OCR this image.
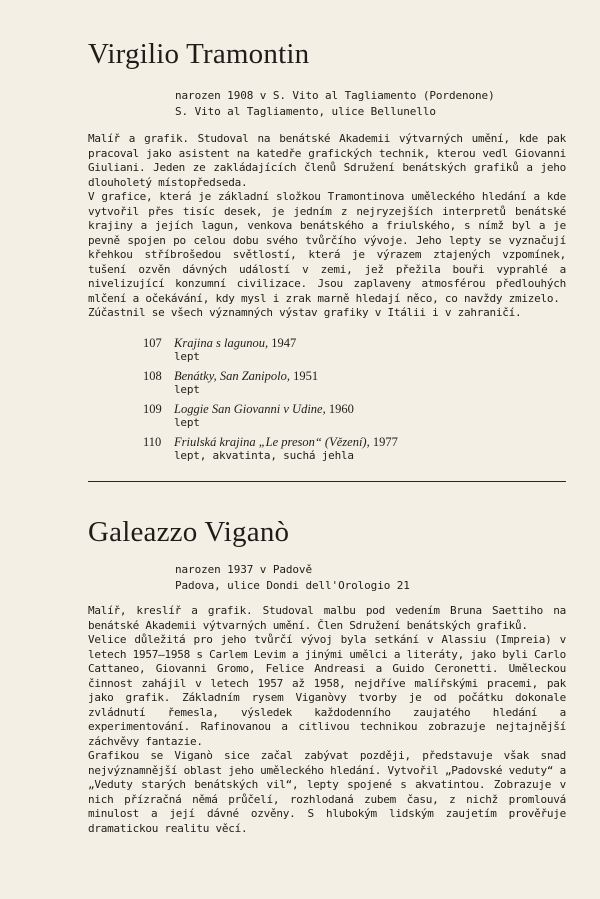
Virgilio Tramontin
narozen 1908 v S. Vito al Tagliamento (Pordenone)
S. Vito al Tagliamento, ulice Bellunello

Malíř a grafik. Studoval na benátské Akademii výtvarných umění, kde pak pracoval jako asistent na katedře grafických technik, kterou vedl Giovanni Giuliani. Jeden ze zakládajících členů Sdružení benátských grafiků a jeho dlouholetý místopředseda.

V grafice, která je základní složkou Tramontinova uměleckého hledání a kde vytvořil přes tisíc desek, je jedním z nejryzejších interpretů benátské krajiny a jejích lagun, venkova benátského a friulského, s nímž byl a je pevně spojen po celou dobu svého tvůrčího vývoje. Jeho lepty se vyznačují křehkou stříbrošedou světlostí, která je výrazem ztajených vzpomínek, tušení ozvěn dávných událostí v zemi, jež přežila bouři vyprahlé a nivelizující konzumní civilizace. Jsou zaplaveny atmosférou předlouhých mlčení a očekávání, kdy mysl i zrak marně hledají něco, co navždy zmizelo.

Zúčastnil se všech významných výstav grafiky v Itálii i v zahraničí.

107 Krajina s lagunou, 1947
lept
108 Benátky, San Zanipolo, 1951
lept
109 Loggie San Giovanni v Udine, 1960
lept
110	Friulská krajina „Le preson“ (Vězení), 1977
lept, akvatinta, suchá jehla
Galeazzo Viganò
narozen 1937 v Padově
Padova, ulice Dondi dell'Orologio 21

Malíř, kreslíř a grafik. Studoval malbu pod vedením Bruna Saettiho na benátské Akademii výtvarných umění. Člen Sdružení benátských grafiků.

Velice důležitá pro jeho tvůrčí vývoj byla setkání v Alassiu (Impreia) v letech 1957—1958 s Carlem Levim a jinými umělci a literáty, jako byli Carlo Cattaneo, Giovanni Gromo, Felice Andreasi a Guido Ceronetti. Uměleckou činnost zahájil v letech 1957 až 1958, nejdříve malířskými pracemi, pak jako grafik. Základním rysem Viganòvy tvorby je od počátku dokonale zvládnutí řemesla, výsledek každodenního zaujatého hledání a experimentování. Rafinovanou a citlivou technikou zobrazuje nejtajnější záchvěvy fantazie.

Grafikou se Viganò sice začal zabývat později, představuje však snad nejvýznamnější oblast jeho uměleckého hledání. Vytvořil „Padovské veduty“ a „Veduty starých benátských vil“, lepty spojené s akvatintou. Zobrazuje v nich přízračná němá průčelí, rozhlodaná zubem času, z nichž promlouvá minulost a její dávné ozvěny. S hlubokým lidským zaujetím prověřuje dramatickou realitu věcí.
